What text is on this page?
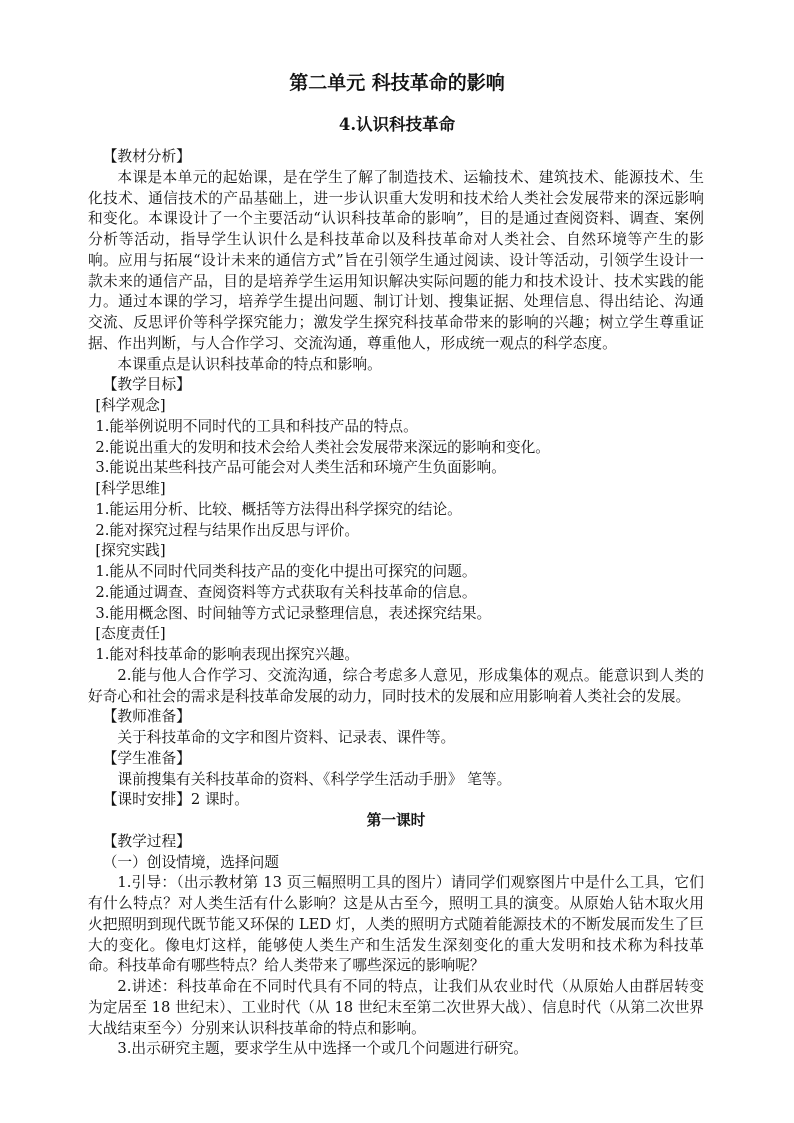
第二单元 科技革命的影响
4.认识科技革命

【教材分析】

本课是本单元的起始课，是在学生了解了制造技术、运输技术、建筑技术、能源技术、生化技术、通信技术的产品基础上，进一步认识重大发明和技术给人类社会发展带来的深远影响和变化。本课设计了一个主要活动“认识科技革命的影响”，目的是通过查阅资料、调查、案例分析等活动，指导学生认识什么是科技革命以及科技革命对人类社会、自然环境等产生的影响。应用与拓展“设计未来的通信方式”旨在引领学生通过阅读、设计等活动，引领学生设计一款未来的通信产品，目的是培养学生运用知识解决实际问题的能力和技术设计、技术实践的能力。通过本课的学习，培养学生提出问题、制订计划、搜集证据、处理信息、得出结论、沟通交流、反思评价等科学探究能力；激发学生探究科技革命带来的影响的兴趣；树立学生尊重证据、作出判断，与人合作学习、交流沟通，尊重他人，形成统一观点的科学态度。

本课重点是认识科技革命的特点和影响。

【教学目标】

[科学观念]

1.能举例说明不同时代的工具和科技产品的特点。

2.能说出重大的发明和技术会给人类社会发展带来深远的影响和变化。

3.能说出某些科技产品可能会对人类生活和环境产生负面影响。

[科学思维]

1.能运用分析、比较、概括等方法得出科学探究的结论。

2.能对探究过程与结果作出反思与评价。

[探究实践]

1.能从不同时代同类科技产品的变化中提出可探究的问题。

2.能通过调查、查阅资料等方式获取有关科技革命的信息。

3.能用概念图、时间轴等方式记录整理信息，表述探究结果。

[态度责任]

1.能对科技革命的影响表现出探究兴趣。

2.能与他人合作学习、交流沟通，综合考虑多人意见，形成集体的观点。能意识到人类的好奇心和社会的需求是科技革命发展的动力，同时技术的发展和应用影响着人类社会的发展。

【教师准备】

关于科技革命的文字和图片资料、记录表、课件等。

【学生准备】

课前搜集有关科技革命的资料、《科学学生活动手册》 笔等。

【课时安排】2 课时。

第一课时

【教学过程】

（一）创设情境，选择问题

1.引导：（出示教材第 13 页三幅照明工具的图片）请同学们观察图片中是什么工具，它们有什么特点？对人类生活有什么影响？这是从古至今，照明工具的演变。从原始人钻木取火用火把照明到现代既节能又环保的 LED 灯，人类的照明方式随着能源技术的不断发展而发生了巨大的变化。像电灯这样，能够使人类生产和生活发生深刻变化的重大发明和技术称为科技革命。科技革命有哪些特点？给人类带来了哪些深远的影响呢？

2.讲述：科技革命在不同时代具有不同的特点，让我们从农业时代（从原始人由群居转变为定居至 18 世纪末）、工业时代（从 18 世纪末至第二次世界大战）、信息时代（从第二次世界大战结束至今）分别来认识科技革命的特点和影响。

3.出示研究主题，要求学生从中选择一个或几个问题进行研究。
